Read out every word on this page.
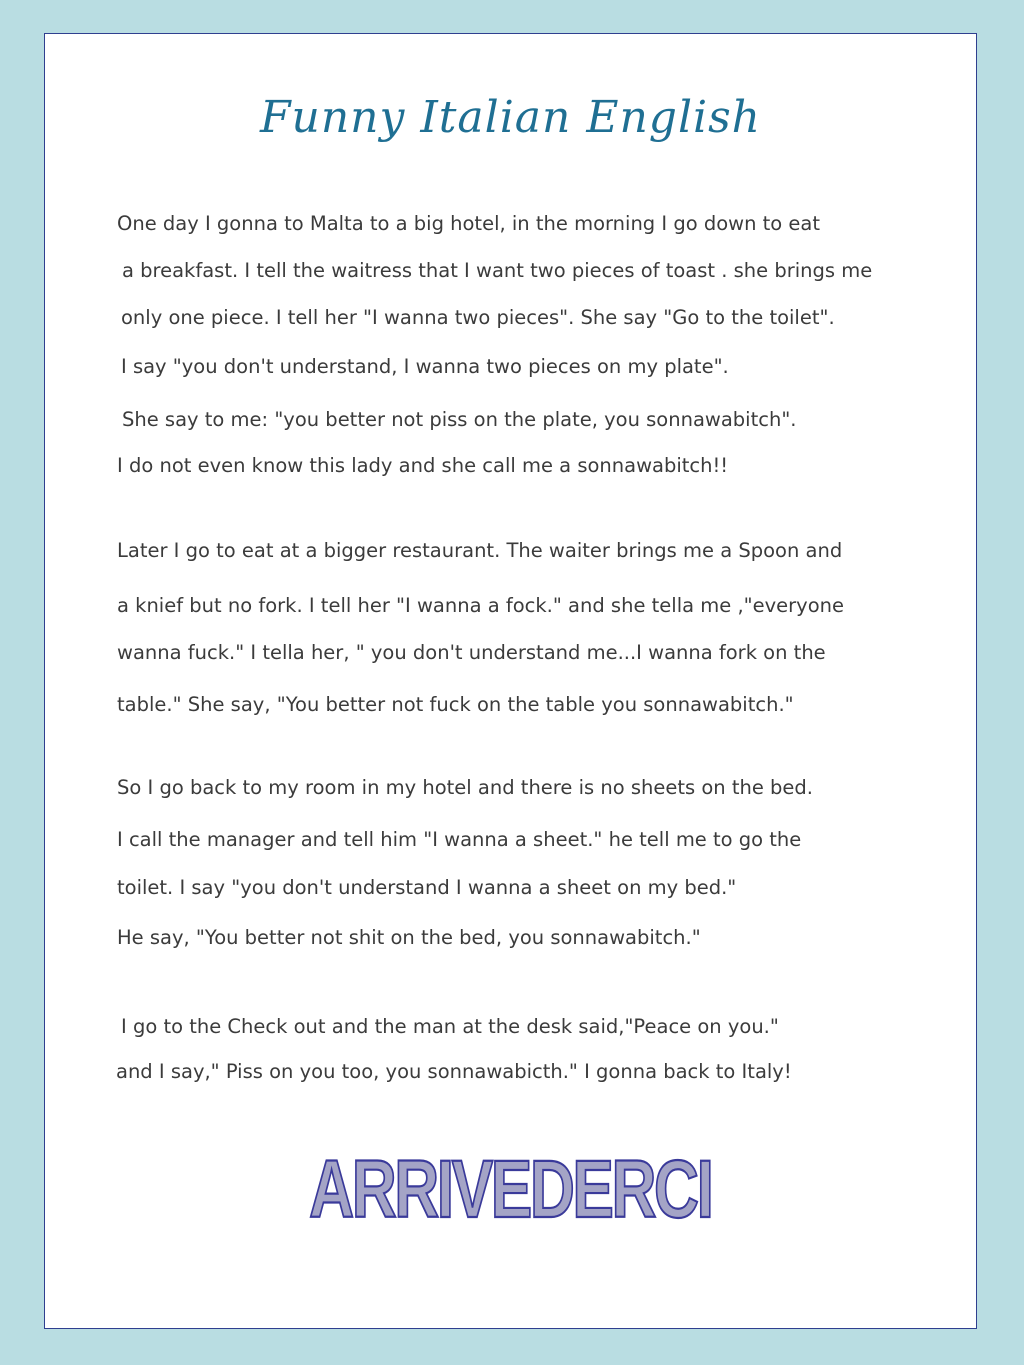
Funny Italian English
One day I gonna to Malta to a big hotel, in the morning I go down to eat
a breakfast. I tell the waitress that I want two pieces of toast . she brings me
only one piece. I tell her "I wanna two pieces". She say "Go to the toilet".
I say "you don't understand, I wanna two pieces on my plate".
She say to me: "you better not piss on the plate, you sonnawabitch".
I do not even know this lady and she call me a sonnawabitch!!
Later I go to eat at a bigger restaurant. The waiter brings me a Spoon and
a knief but no fork. I tell her "I wanna a fock." and she tella me ,"everyone
wanna fuck." I tella her, " you don't understand me...I wanna fork on the
table." She say, "You better not fuck on the table you sonnawabitch."
So I go back to my room in my hotel and there is no sheets on the bed.
I call the manager and tell him "I wanna a sheet." he tell me to go the
toilet. I say "you don't understand I wanna a sheet on my bed."
He say, "You better not shit on the bed, you sonnawabitch."
I go to the Check out and the man at the desk said,"Peace on you."
and I say," Piss on you too, you sonnawabicth." I gonna back to Italy!
ARRIVEDERCI
